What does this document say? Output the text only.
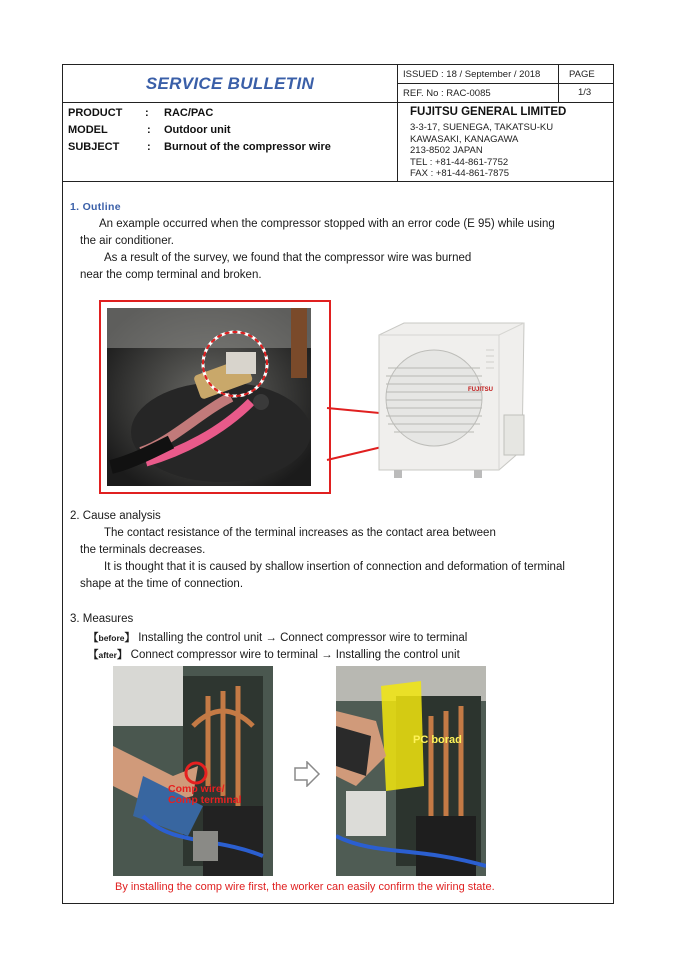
SERVICE BULLETIN	ISSUED : 18 / September / 2018
REF. No : RAC-0085
PAGE
1/3
PRODUCT : RAC/PAC
MODEL	: Outdoor unit
SUBJECT	: Burnout of the compressor wire
FUJITSU GENERAL LIMITED
3-3-17, SUENEGA, TAKATSU-KU
KAWASAKI, KANAGAWA
213-8502 JAPAN
TEL : +81-44-861-7752
FAX : +81-44-861-7875
1. Outline
An example occurred when the compressor stopped with an error code (E 95) while using
the air conditioner.
As a result of the survey, we found that the compressor wire was burned
near the comp terminal and broken.
FUJITSU
2. Cause analysis
The contact resistance of the terminal increases as the contact area between
the terminals decreases.
It is thought that it is caused by shallow insertion of connection and deformation of terminal
shape at the time of connection.
3. Measures
【before】 Installing the control unit → Connect compressor wire to terminal
【after】 Connect compressor wire to terminal → Installing the control unit
Comp wire/
Comp terminal
PC borad
By installing the comp wire first, the worker can easily confirm the wiring state.
